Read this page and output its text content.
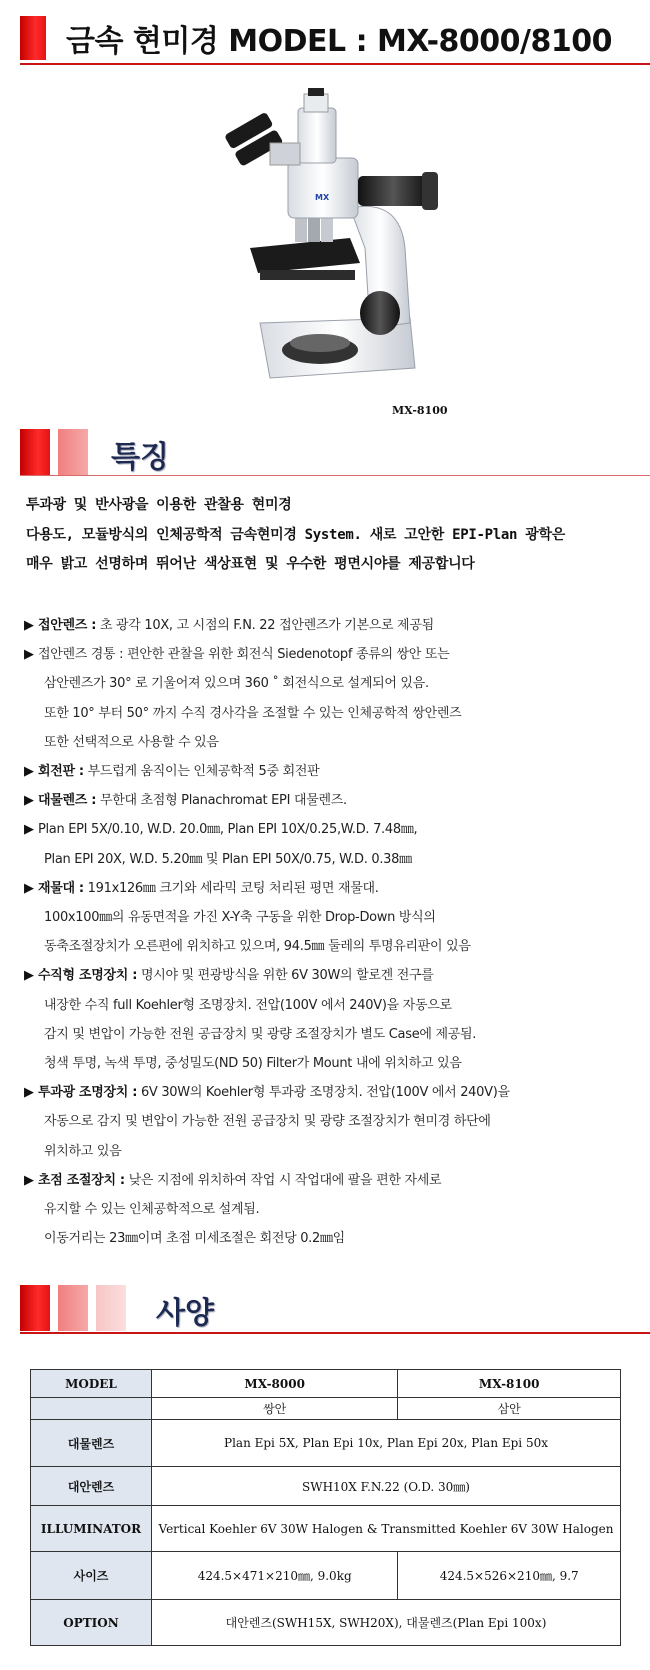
금속 현미경 MODEL : MX-8000/8100
MX
MX-8100
특징
투과광 및 반사광을 이용한 관찰용 현미경
다용도, 모듈방식의 인체공학적 금속현미경 System. 새로 고안한 EPI-Plan 광학은
매우 밝고 선명하며 뛰어난 색상표현 및 우수한 평면시야를 제공합니다
▶ 접안렌즈 : 초 광각 10X, 고 시점의 F.N. 22 접안렌즈가 기본으로 제공됨
▶ 접안렌즈 경통 : 편안한 관찰을 위한 회전식 Siedenotopf 종류의 쌍안 또는
삼안렌즈가 30° 로 기울어져 있으며 360 ˚ 회전식으로 설계되어 있음.
또한 10° 부터 50° 까지 수직 경사각을 조절할 수 있는 인체공학적 쌍안렌즈
또한 선택적으로 사용할 수 있음
▶ 회전판 : 부드럽게 움직이는 인체공학적 5중 회전판
▶ 대물렌즈 : 무한대 초점형 Planachromat EPI 대물렌즈.
▶ Plan EPI 5X/0.10, W.D. 20.0㎜, Plan EPI 10X/0.25,W.D. 7.48㎜,
Plan EPI 20X, W.D. 5.20㎜ 및 Plan EPI 50X/0.75, W.D. 0.38㎜
▶ 재물대 : 191x126㎜ 크기와 세라믹 코팅 처리된 평면 재물대.
100x100㎜의 유동면적을 가진 X-Y축 구동을 위한 Drop-Down 방식의
동축조절장치가 오른편에 위치하고 있으며, 94.5㎜ 둘레의 투명유리판이 있음
▶ 수직형 조명장치 : 명시야 및 편광방식을 위한 6V 30W의 할로겐 전구를
내장한 수직 full Koehler형 조명장치. 전압(100V 에서 240V)을 자동으로
감지 및 변압이 가능한 전원 공급장치 및 광량 조절장치가 별도 Case에 제공됨.
청색 투명, 녹색 투명, 중성밀도(ND 50) Filter가 Mount 내에 위치하고 있음
▶ 투과광 조명장치 : 6V 30W의 Koehler형 투과광 조명장치. 전압(100V 에서 240V)을
자동으로 감지 및 변압이 가능한 전원 공급장치 및 광량 조절장치가 현미경 하단에
위치하고 있음
▶ 초점 조절장치 : 낮은 지점에 위치하여 작업 시 작업대에 팔을 편한 자세로
유지할 수 있는 인체공학적으로 설계됨.
이동거리는 23㎜이며 초점 미세조절은 회전당 0.2㎜임
사양
MODEL	MX-8000	MX-8100
	쌍안	삼안
대물렌즈	Plan Epi 5X, Plan Epi 10x, Plan Epi 20x, Plan Epi 50x	
대안렌즈	SWH10X F.N.22 (O.D. 30㎜)	
ILLUMINATOR	Vertical Koehler 6V 30W Halogen & Transmitted Koehler 6V 30W Halogen	
사이즈	424.5×471×210㎜, 9.0kg	424.5×526×210㎜, 9.7
OPTION	대안렌즈(SWH15X, SWH20X), 대물렌즈(Plan Epi 100x)	
